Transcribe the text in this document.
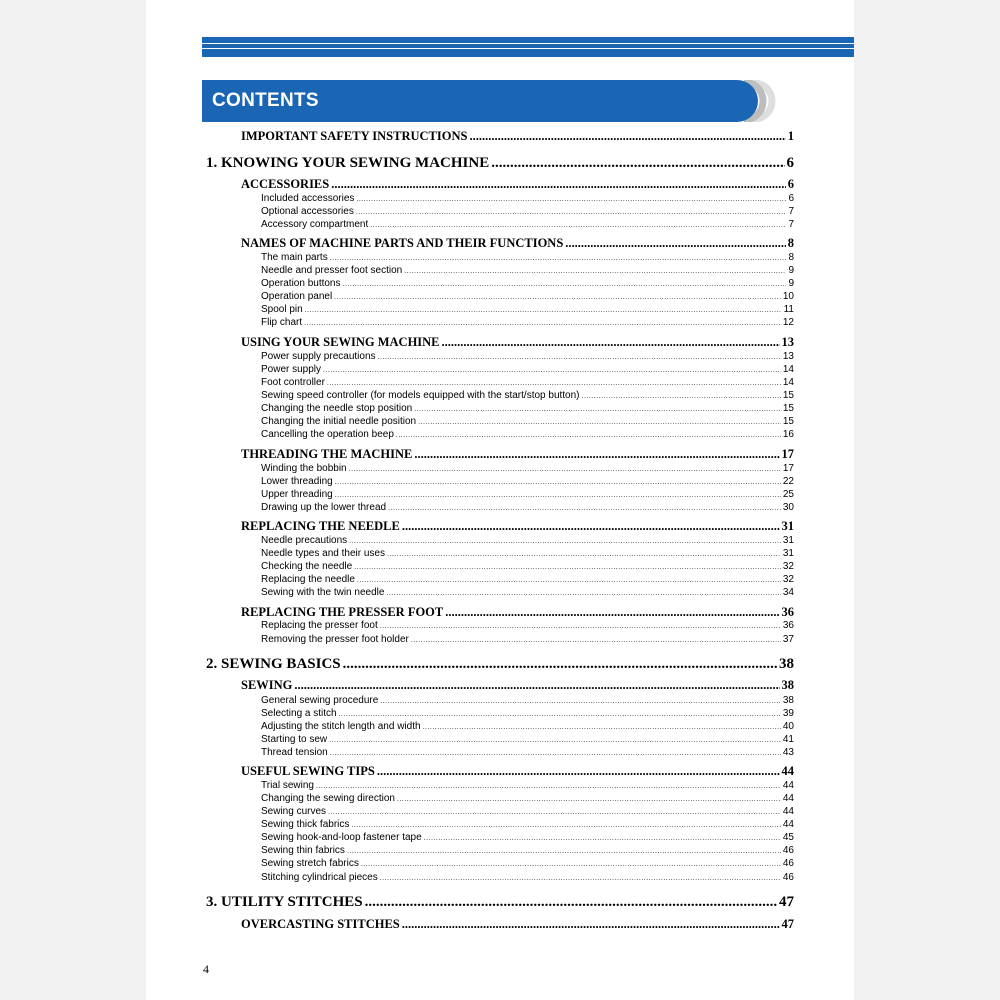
CONTENTS
IMPORTANT SAFETY INSTRUCTIONS .....	1
1. KNOWING YOUR SEWING MACHINE .....	6
ACCESSORIES .....	6
Included accessories .....	6
Optional accessories .....	7
Accessory compartment .....	7
NAMES OF MACHINE PARTS AND THEIR FUNCTIONS .....	8
The main parts .....	8
Needle and presser foot section .....	9
Operation buttons .....	9
Operation panel .....	10
Spool pin .....	11
Flip chart .....	12
USING YOUR SEWING MACHINE .....	13
Power supply precautions .....	13
Power supply .....	14
Foot controller .....	14
Sewing speed controller (for models equipped with the start/stop button) .....	15
Changing the needle stop position .....	15
Changing the initial needle position .....	15
Cancelling the operation beep .....	16
THREADING THE MACHINE .....	17
Winding the bobbin .....	17
Lower threading .....	22
Upper threading .....	25
Drawing up the lower thread .....	30
REPLACING THE NEEDLE .....	31
Needle precautions .....	31
Needle types and their uses .....	31
Checking the needle .....	32
Replacing the needle .....	32
Sewing with the twin needle .....	34
REPLACING THE PRESSER FOOT .....	36
Replacing the presser foot .....	36
Removing the presser foot holder .....	37
2. SEWING BASICS .....	38
SEWING .....	38
General sewing procedure .....	38
Selecting a stitch .....	39
Adjusting the stitch length and width .....	40
Starting to sew .....	41
Thread tension .....	43
USEFUL SEWING TIPS .....	44
Trial sewing .....	44
Changing the sewing direction .....	44
Sewing curves .....	44
Sewing thick fabrics .....	44
Sewing hook-and-loop fastener tape .....	45
Sewing thin fabrics .....	46
Sewing stretch fabrics .....	46
Stitching cylindrical pieces .....	46
3. UTILITY STITCHES .....	47
OVERCASTING STITCHES .....	47
4
